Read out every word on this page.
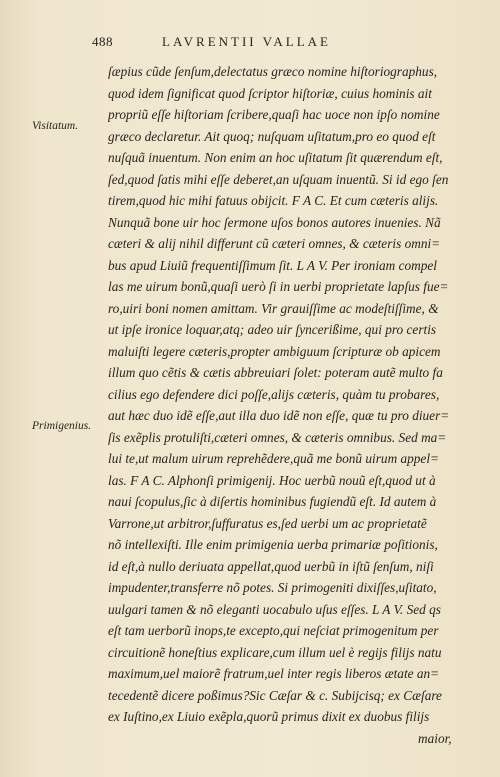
488	LAVRENTII VALLAE
Visitatum.
Primigenius.
ſæpius cũde ſenſum,delectatus græco nomine hiſtoriographus,
quod idem ſignificat quod ſcriptor hiſtoriæ, cuius hominis ait
propriũ eſſe hiſtoriam ſcribere,quaſi hac uoce non ipſo nomine
græco declaretur. Ait quoq; nuſquam uſitatum,pro eo quod eſt
nuſquã inuentum. Non enim an hoc uſitatum ſit quærendum eſt,
ſed,quod ſatis mihi eſſe deberet,an uſquam inuentũ. Si id ego ſen
tirem,quod hic mihi fatuus obijcit. F A C. Et cum cæteris alijs.
Nunquã bone uir hoc ſermone uſos bonos autores inuenies. Nã
cæteri & alij nihil differunt cũ cæteri omnes, & cæteris omni=
bus apud Liuiũ frequentiſſimum ſit. L A V. Per ironiam compel
las me uirum bonũ,quaſi uerò ſi in uerbi proprietate lapſus fue=
ro,uiri boni nomen amittam. Vir grauiſſime ac modeſtiſſime, &
ut ipſe ironice loquar,atq; adeo uir ſyncerißime, qui pro certis
maluiſti legere cæteris,propter ambiguum ſcripturæ ob apicem
illum quo cẽtis & cætis abbreuiari ſolet: poteram autẽ multo fa
cilius ego defendere dici poſſe,alijs cæteris, quàm tu probares,
aut hæc duo idẽ eſſe,aut illa duo idẽ non eſſe, quæ tu pro diuer=
ſis exẽplis protuliſti,cæteri omnes, & cæteris omnibus. Sed ma=
lui te,ut malum uirum reprehẽdere,quã me bonũ uirum appel=
las. F A C. Alphonſi primigenij. Hoc uerbũ nouũ eſt,quod ut à
naui ſcopulus,ſic à diſertis hominibus fugiendũ eſt. Id autem à
Varrone,ut arbitror,ſuffuratus es,ſed uerbi um ac proprietatẽ
nõ intellexiſti. Ille enim primigenia uerba primariæ poſitionis,
id eſt,à nullo deriuata appellat,quod uerbũ in iſtũ ſenſum, niſi
impudenter,transferre nõ potes. Si primogeniti dixiſſes,uſitato,
uulgari tamen & nõ eleganti uocabulo uſus eſſes. L A V. Sed qs
eſt tam uerborũ inops,te excepto,qui neſciat primogenitum per
circuitionẽ honeſtius explicare,cum illum uel è regijs filijs natu
maximum,uel maiorẽ fratrum,uel inter regis liberos ætate an=
tecedentẽ dicere poßimus?Sic Cæſar & c. Subijcisq; ex Cæſare
ex Iuſtino,ex Liuio exẽpla,quorũ primus dixit ex duobus filijs
maior,
